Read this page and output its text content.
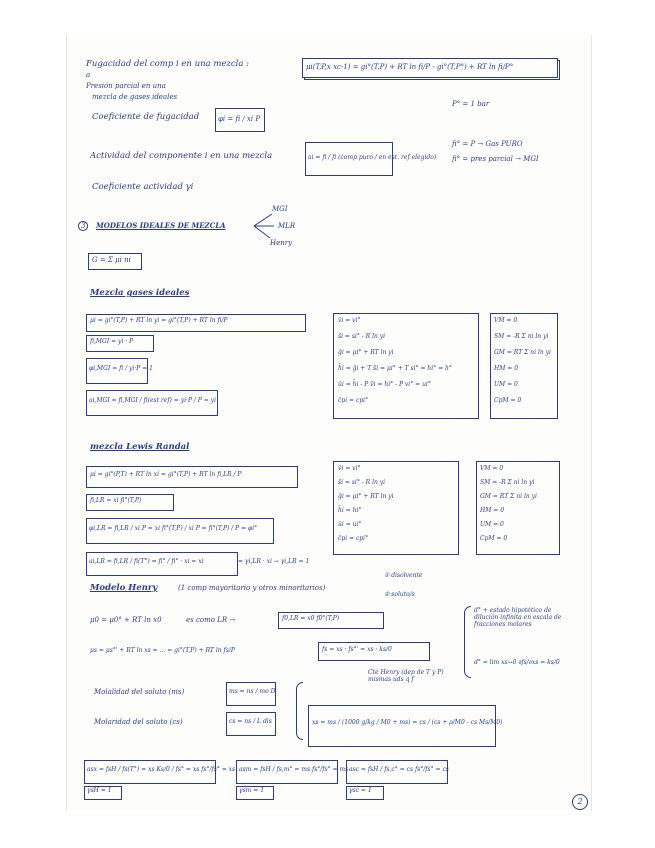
Fugacidad del comp i en una mezcla :
a
Presión parcial en una
mezcla de gases ideales
μi(T,P,x xc-1) = gi°(T,P) + RT ln fi/P - gi°(T,P°) + RT ln fi/P°
P° = 1 bar
Coeficiente de fugacidad	φi = fi / xi P
fi° = P → Gas PURO
fi° = pres parcial → MGI
Actividad del componente i en una mezcla	ai = fi / fi (comp puro / en est. ref elegido)
Coeficiente actividad γi
3	MODELOS IDEALES DE MEZCLA
MGI
MLR
Henry
G = Σ μi ni
Mezcla gases ideales
μi = gi°(T,P) + RT ln yi = gi°(T,P) + RT ln fi/P
fi,MGI = yi · P
φi,MGI = fi / yi·P = 1
ai,MGI = fi,MGI / fi(est ref) = yi·P / P = yi
v̄i = vi°
s̄i = si° - R ln yi
ḡi = μi° + RT ln yi
h̄i = ḡi + T s̄i = μi° + T si° = hi° = h°
ūi = h̄i - P v̄i = hi° - P vi° = ui°
c̄pi = cpi°
VM = 0
SM = -R Σ ni ln yi
GM = RT Σ ni ln yi
HM = 0
UM = 0
CpM = 0
mezcla Lewis Randal
μi = gi°(P,T) + RT ln xi = gi°(T,P) + RT ln fi,LR / P
fi,LR = xi fi°(T,P)
φi,LR = fi,LR / xi P = xi fi°(T,P) / xi P = fi°(T,P) / P = φi°
ai,LR = fi,LR / fi(T°) = fi° / fi° · xi = xi	= γi,LR · xi → γi,LR = 1
v̄i = vi°
s̄i = si° - R ln yi
ḡi = μi° + RT ln yi
h̄i = hi°
ūi = ui°
c̄pi = cpi°
VM = 0
SM = -R Σ ni ln yi
GM = RT Σ ni ln yi
HM = 0
UM = 0
CpM = 0
Modelo Henry	(1 comp mayoritario y otros minoritarios)
① disolvente
② soluto/s
μ0 = μ0° + RT ln x0	es como LR →	f0,LR = x0 f0°(T,P)
μs = μs°' + RT ln xs = ... = gi°(T,P) + RT ln fs/P	fs = xs · fs°' = xs · ks/0
d° + estado hipotético de dilución infinita en escala de fracciones molares
d° = lim xs→0 ∂fs/∂xs = ks/0
Cte Henry (dep de T y P) mismas uds q f
Molalidad del soluto (ms)	ms = ns / mo D
Molaridad del soluto (cs)	cs = ns / L dis	xs = ms / (1000 g/kg / M0 + ms) = cs / (cs + ρ/M0 - cs Ms/M0)
asx = fsH / fs(T°) = xs Ks/0 / fs° = xs fs°/fs° = xs
γsH = 1
asm = fsH / fs,m° = ms fs°/fs° = ms
γsm = 1
asc = fsH / fs,c° = cs fs°/fs° = cs
γsc = 1
2
